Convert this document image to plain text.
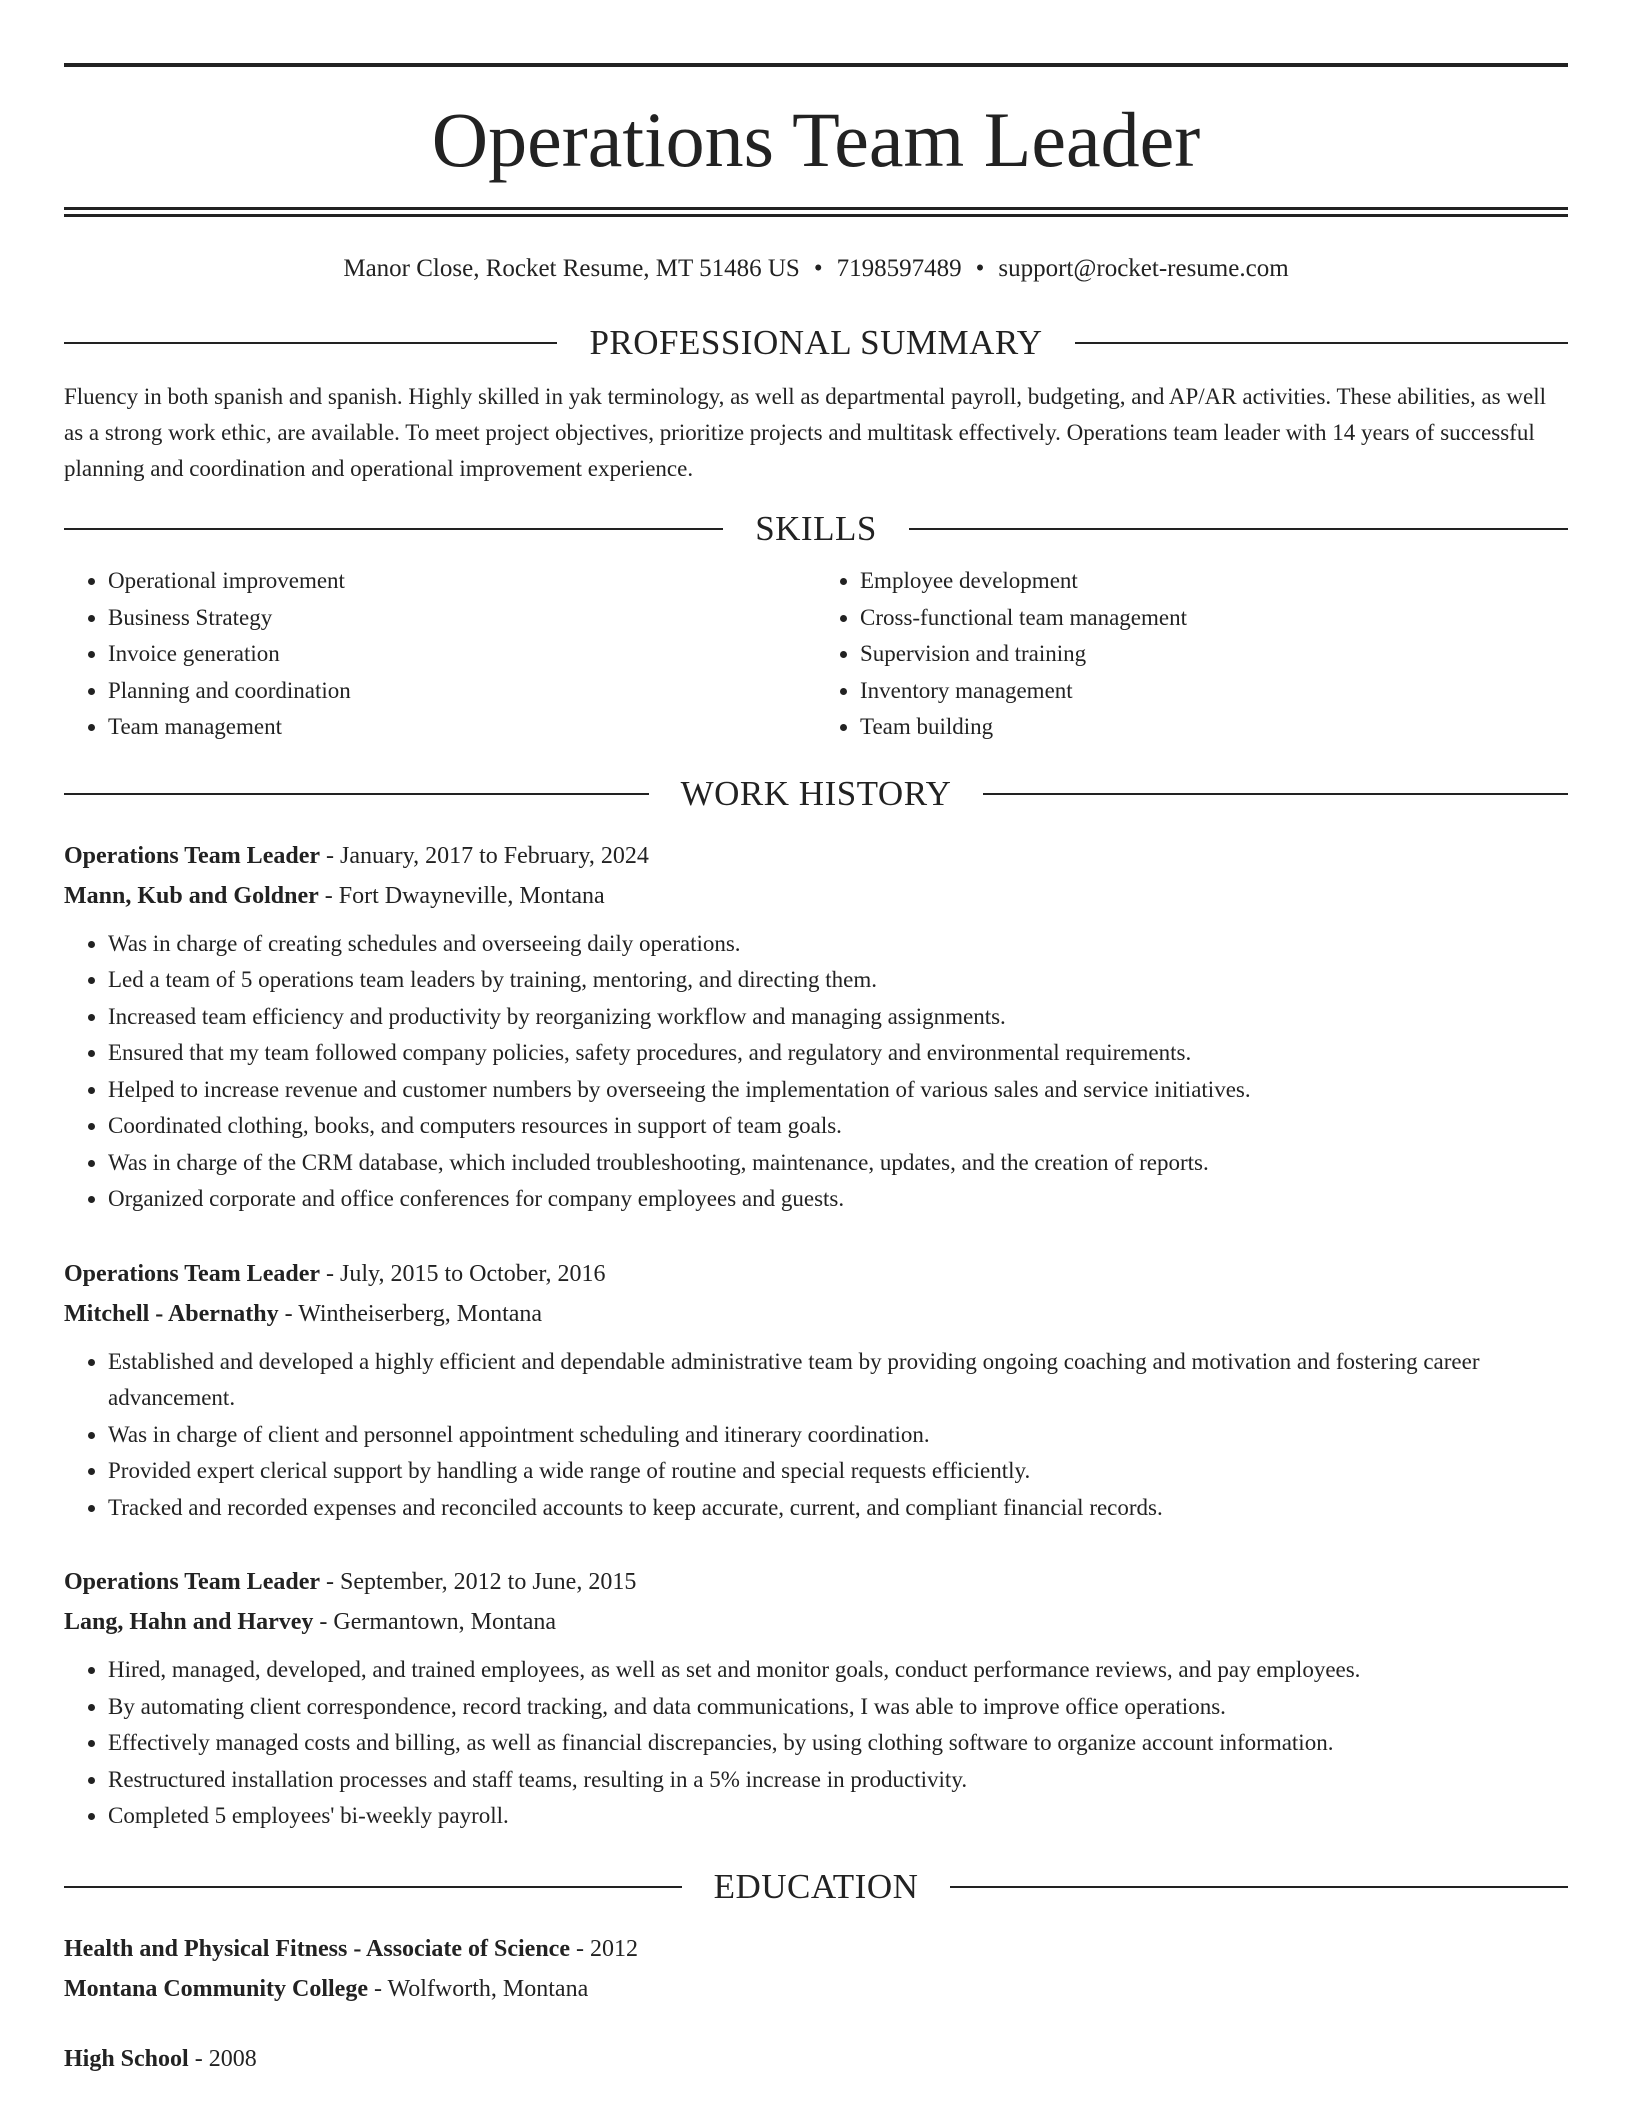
Operations Team Leader
Manor Close, Rocket Resume, MT 51486 US • 7198597489 • support@rocket-resume.com
PROFESSIONAL SUMMARY

Fluency in both spanish and spanish. Highly skilled in yak terminology, as well as departmental payroll, budgeting, and AP/AR activities. These abilities, as well as a strong work ethic, are available. To meet project objectives, prioritize projects and multitask effectively. Operations team leader with 14 years of successful planning and coordination and operational improvement experience.

SKILLS
• Operational improvement
• Business Strategy
• Invoice generation
• Planning and coordination
• Team management
• Employee development
• Cross-functional team management
• Supervision and training
• Inventory management
• Team building
WORK HISTORY
Operations Team Leader - January, 2017 to February, 2024
Mann, Kub and Goldner - Fort Dwayneville, Montana
• Was in charge of creating schedules and overseeing daily operations.
• Led a team of 5 operations team leaders by training, mentoring, and directing them.
• Increased team efficiency and productivity by reorganizing workflow and managing assignments.
• Ensured that my team followed company policies, safety procedures, and regulatory and environmental requirements.
• Helped to increase revenue and customer numbers by overseeing the implementation of various sales and service initiatives.
• Coordinated clothing, books, and computers resources in support of team goals.
• Was in charge of the CRM database, which included troubleshooting, maintenance, updates, and the creation of reports.
• Organized corporate and office conferences for company employees and guests.
Operations Team Leader - July, 2015 to October, 2016
Mitchell - Abernathy - Wintheiserberg, Montana
• Established and developed a highly efficient and dependable administrative team by providing ongoing coaching and motivation and fostering career advancement.
• Was in charge of client and personnel appointment scheduling and itinerary coordination.
• Provided expert clerical support by handling a wide range of routine and special requests efficiently.
• Tracked and recorded expenses and reconciled accounts to keep accurate, current, and compliant financial records.
Operations Team Leader - September, 2012 to June, 2015
Lang, Hahn and Harvey - Germantown, Montana
• Hired, managed, developed, and trained employees, as well as set and monitor goals, conduct performance reviews, and pay employees.
• By automating client correspondence, record tracking, and data communications, I was able to improve office operations.
• Effectively managed costs and billing, as well as financial discrepancies, by using clothing software to organize account information.
• Restructured installation processes and staff teams, resulting in a 5% increase in productivity.
• Completed 5 employees' bi-weekly payroll.
EDUCATION
Health and Physical Fitness - Associate of Science - 2012
Montana Community College - Wolfworth, Montana
High School - 2008
